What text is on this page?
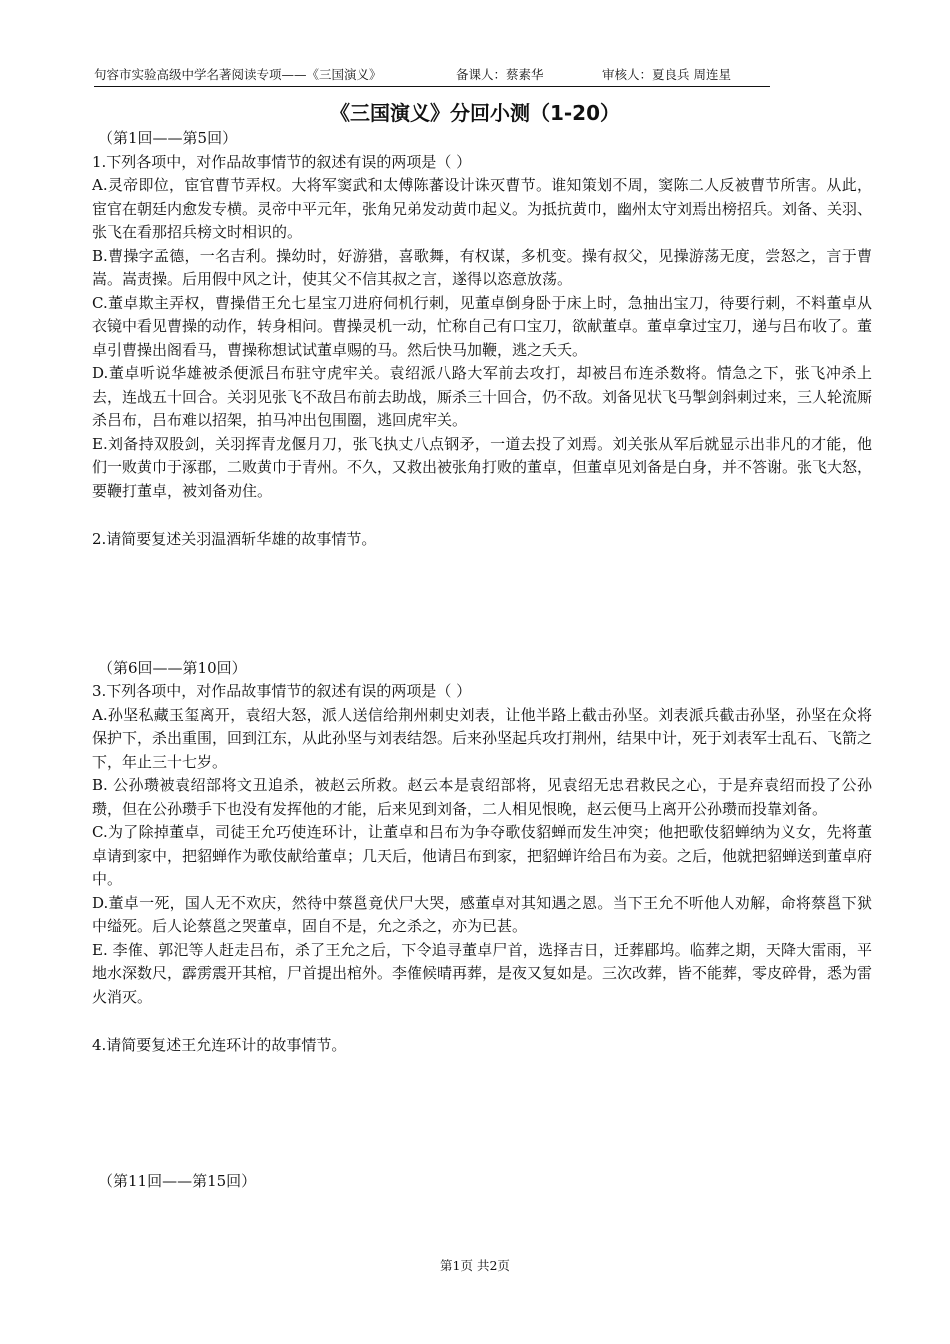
句容市实验高级中学名著阅读专项——《三国演义》	备课人：蔡素华	审核人：夏良兵 周连星
《三国演义》分回小测（1-20）

（第1回——第5回）

1.下列各项中，对作品故事情节的叙述有误的两项是（ ）

A.灵帝即位，宦官曹节弄权。大将军窦武和太傅陈蕃设计诛灭曹节。谁知策划不周，窦陈二人反被曹节所害。从此，宦官在朝廷内愈发专横。灵帝中平元年，张角兄弟发动黄巾起义。为抵抗黄巾，幽州太守刘焉出榜招兵。刘备、关羽、张飞在看那招兵榜文时相识的。

B.曹操字孟德，一名吉利。操幼时，好游猎，喜歌舞，有权谋，多机变。操有叔父，见操游荡无度，尝怒之，言于曹嵩。嵩责操。后用假中风之计，使其父不信其叔之言，遂得以恣意放荡。

C.董卓欺主弄权，曹操借王允七星宝刀进府伺机行刺，见董卓倒身卧于床上时，急抽出宝刀，待要行刺，不料董卓从衣镜中看见曹操的动作，转身相问。曹操灵机一动，忙称自己有口宝刀，欲献董卓。董卓拿过宝刀，递与吕布收了。董卓引曹操出阁看马，曹操称想试试董卓赐的马。然后快马加鞭，逃之夭夭。

D.董卓听说华雄被杀便派吕布驻守虎牢关。袁绍派八路大军前去攻打，却被吕布连杀数将。情急之下，张飞冲杀上去，连战五十回合。关羽见张飞不敌吕布前去助战，厮杀三十回合，仍不敌。刘备见状飞马掣剑斜刺过来，三人轮流厮杀吕布，吕布难以招架，拍马冲出包围圈，逃回虎牢关。

E.刘备持双股剑，关羽挥青龙偃月刀，张飞执丈八点钢矛，一道去投了刘焉。刘关张从军后就显示出非凡的才能，他们一败黄巾于涿郡，二败黄巾于青州。不久，又救出被张角打败的董卓，但董卓见刘备是白身，并不答谢。张飞大怒，要鞭打董卓，被刘备劝住。

2.请简要复述关羽温酒斩华雄的故事情节。

（第6回——第10回）

3.下列各项中，对作品故事情节的叙述有误的两项是（ ）

A.孙坚私藏玉玺离开，袁绍大怒，派人送信给荆州刺史刘表，让他半路上截击孙坚。刘表派兵截击孙坚，孙坚在众将保护下，杀出重围，回到江东，从此孙坚与刘表结怨。后来孙坚起兵攻打荆州，结果中计，死于刘表军士乱石、飞箭之下，年止三十七岁。

B. 公孙瓒被袁绍部将文丑追杀，被赵云所救。赵云本是袁绍部将，见袁绍无忠君救民之心，于是弃袁绍而投了公孙瓒，但在公孙瓒手下也没有发挥他的才能，后来见到刘备，二人相见恨晚，赵云便马上离开公孙瓒而投靠刘备。

C.为了除掉董卓，司徒王允巧使连环计，让董卓和吕布为争夺歌伎貂蝉而发生冲突；他把歌伎貂蝉纳为义女，先将董卓请到家中，把貂蝉作为歌伎献给董卓；几天后，他请吕布到家，把貂蝉许给吕布为妾。之后，他就把貂蝉送到董卓府中。

D.董卓一死，国人无不欢庆，然待中蔡邕竟伏尸大哭，感董卓对其知遇之恩。当下王允不听他人劝解，命将蔡邕下狱中缢死。后人论蔡邕之哭董卓，固自不是，允之杀之，亦为已甚。

E. 李傕、郭汜等人赶走吕布，杀了王允之后，下令追寻董卓尸首，选择吉日，迁葬郿坞。临葬之期，天降大雷雨，平地水深数尺，霹雳震开其棺，尸首提出棺外。李傕候晴再葬，是夜又复如是。三次改葬，皆不能葬，零皮碎骨，悉为雷火消灭。

4.请简要复述王允连环计的故事情节。

（第11回——第15回）

第1页 共2页
